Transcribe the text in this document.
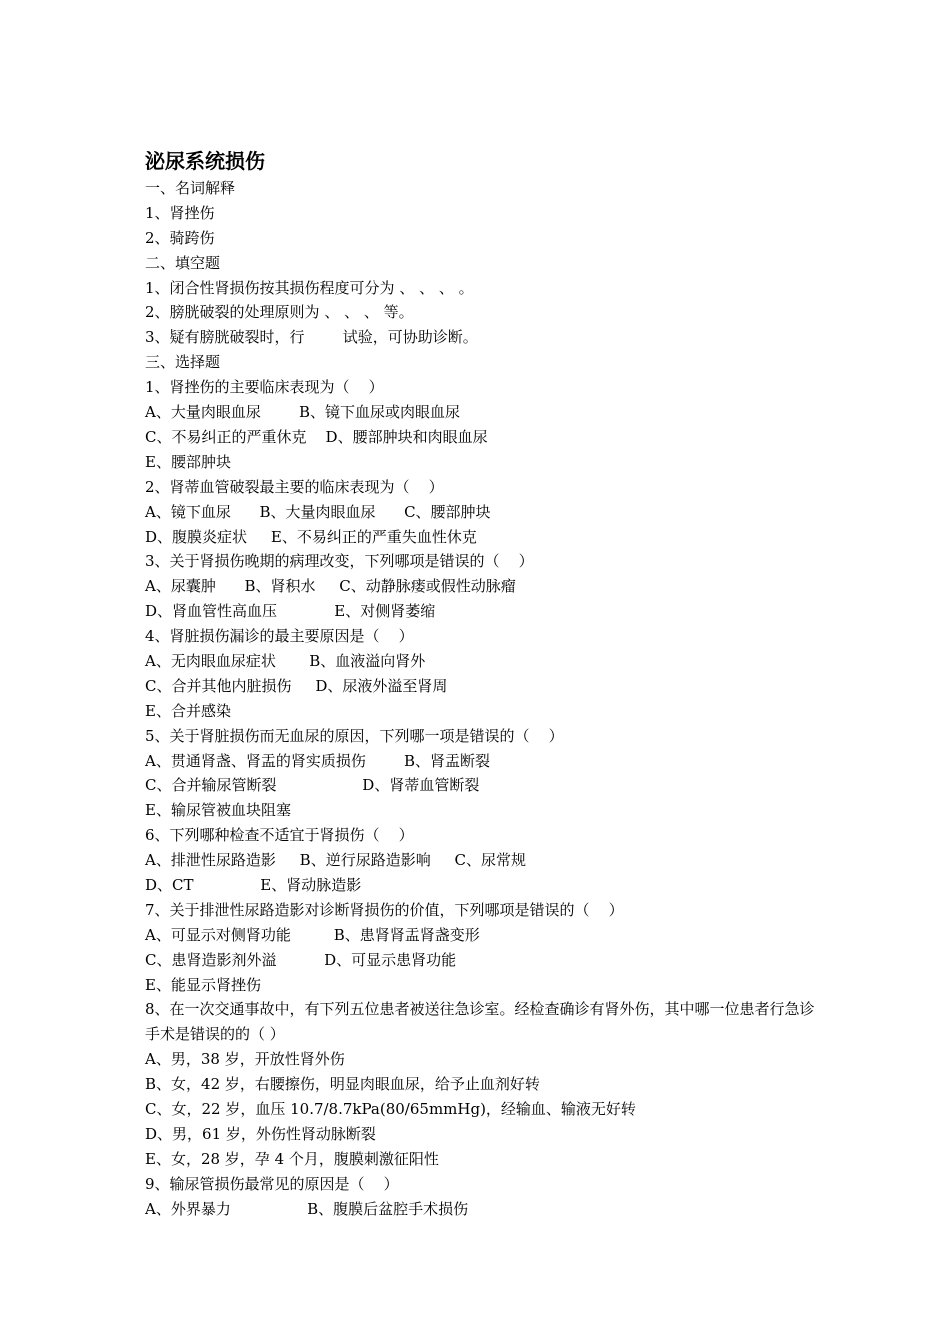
泌尿系统损伤
一、名词解释
1、肾挫伤
2、骑跨伤
二、填空题
1、闭合性肾损伤按其损伤程度可分为 、 、 、 。
2、膀胱破裂的处理原则为 、 、 、 等。
3、疑有膀胱破裂时，行        试验，可协助诊断。
三、选择题
1、肾挫伤的主要临床表现为（    ）
A、大量肉眼血尿        B、镜下血尿或肉眼血尿
C、不易纠正的严重休克    D、腰部肿块和肉眼血尿
E、腰部肿块
2、肾蒂血管破裂最主要的临床表现为（    ）
A、镜下血尿      B、大量肉眼血尿      C、腰部肿块
D、腹膜炎症状     E、不易纠正的严重失血性休克
3、关于肾损伤晚期的病理改变，下列哪项是错误的（    ）
A、尿囊肿      B、肾积水     C、动静脉瘘或假性动脉瘤
D、肾血管性高血压            E、对侧肾萎缩
4、肾脏损伤漏诊的最主要原因是（    ）
A、无肉眼血尿症状       B、血液溢向肾外
C、合并其他内脏损伤     D、尿液外溢至肾周
E、合并感染
5、关于肾脏损伤而无血尿的原因，下列哪一项是错误的（    ）
A、贯通肾盏、肾盂的肾实质损伤        B、肾盂断裂
C、合并输尿管断裂                  D、肾蒂血管断裂
E、输尿管被血块阻塞
6、下列哪种检查不适宜于肾损伤（    ）
A、排泄性尿路造影     B、逆行尿路造影响     C、尿常规
D、CT              E、肾动脉造影
7、关于排泄性尿路造影对诊断肾损伤的价值，下列哪项是错误的（    ）
A、可显示对侧肾功能         B、患肾肾盂肾盏变形
C、患肾造影剂外溢          D、可显示患肾功能
E、能显示肾挫伤
8、在一次交通事故中，有下列五位患者被送往急诊室。经检查确诊有肾外伤，其中哪一位患者行急诊手术是错误的的（ ）
A、男，38 岁，开放性肾外伤
B、女，42 岁，右腰擦伤，明显肉眼血尿，给予止血剂好转
C、女，22 岁，血压 10.7/8.7kPa(80/65mmHg)，经输血、输液无好转
D、男，61 岁，外伤性肾动脉断裂
E、女，28 岁，孕 4 个月，腹膜刺激征阳性
9、输尿管损伤最常见的原因是（    ）
A、外界暴力                B、腹膜后盆腔手术损伤
